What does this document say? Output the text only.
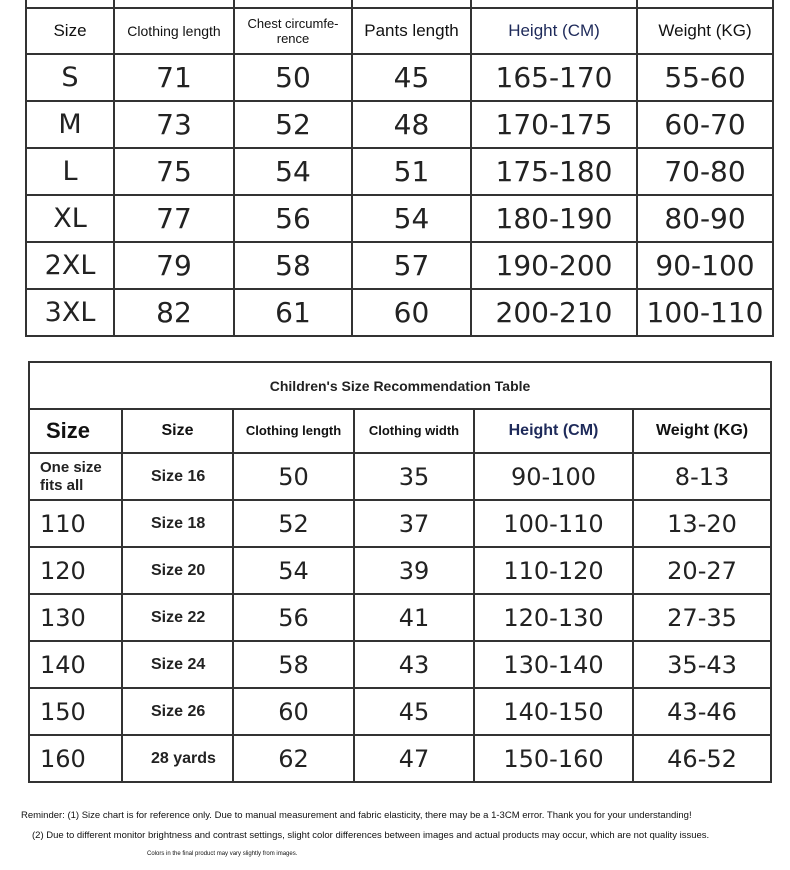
Size	Clothing length	Chest circumfe-rence	Pants length	Height (CM)	Weight (KG)
S	71	50	45	165-170	55-60
M	73	52	48	170-175	60-70
L	75	54	51	175-180	70-80
XL	77	56	54	180-190	80-90
2XL	79	58	57	190-200	90-100
3XL	82	61	60	200-210	100-110
Children's Size Recommendation Table					
Size	Size	Clothing length	Clothing width	Height (CM)	Weight (KG)
One size fits all	Size 16	50	35	90-100	8-13
110	Size 18	52	37	100-110	13-20
120	Size 20	54	39	110-120	20-27
130	Size 22	56	41	120-130	27-35
140	Size 24	58	43	130-140	35-43
150	Size 26	60	45	140-150	43-46
160	28 yards	62	47	150-160	46-52
Reminder: (1) Size chart is for reference only. Due to manual measurement and fabric elasticity, there may be a 1-3CM error. Thank you for your understanding!
(2) Due to different monitor brightness and contrast settings, slight color differences between images and actual products may occur, which are not quality issues.
Colors in the final product may vary slightly from images.
